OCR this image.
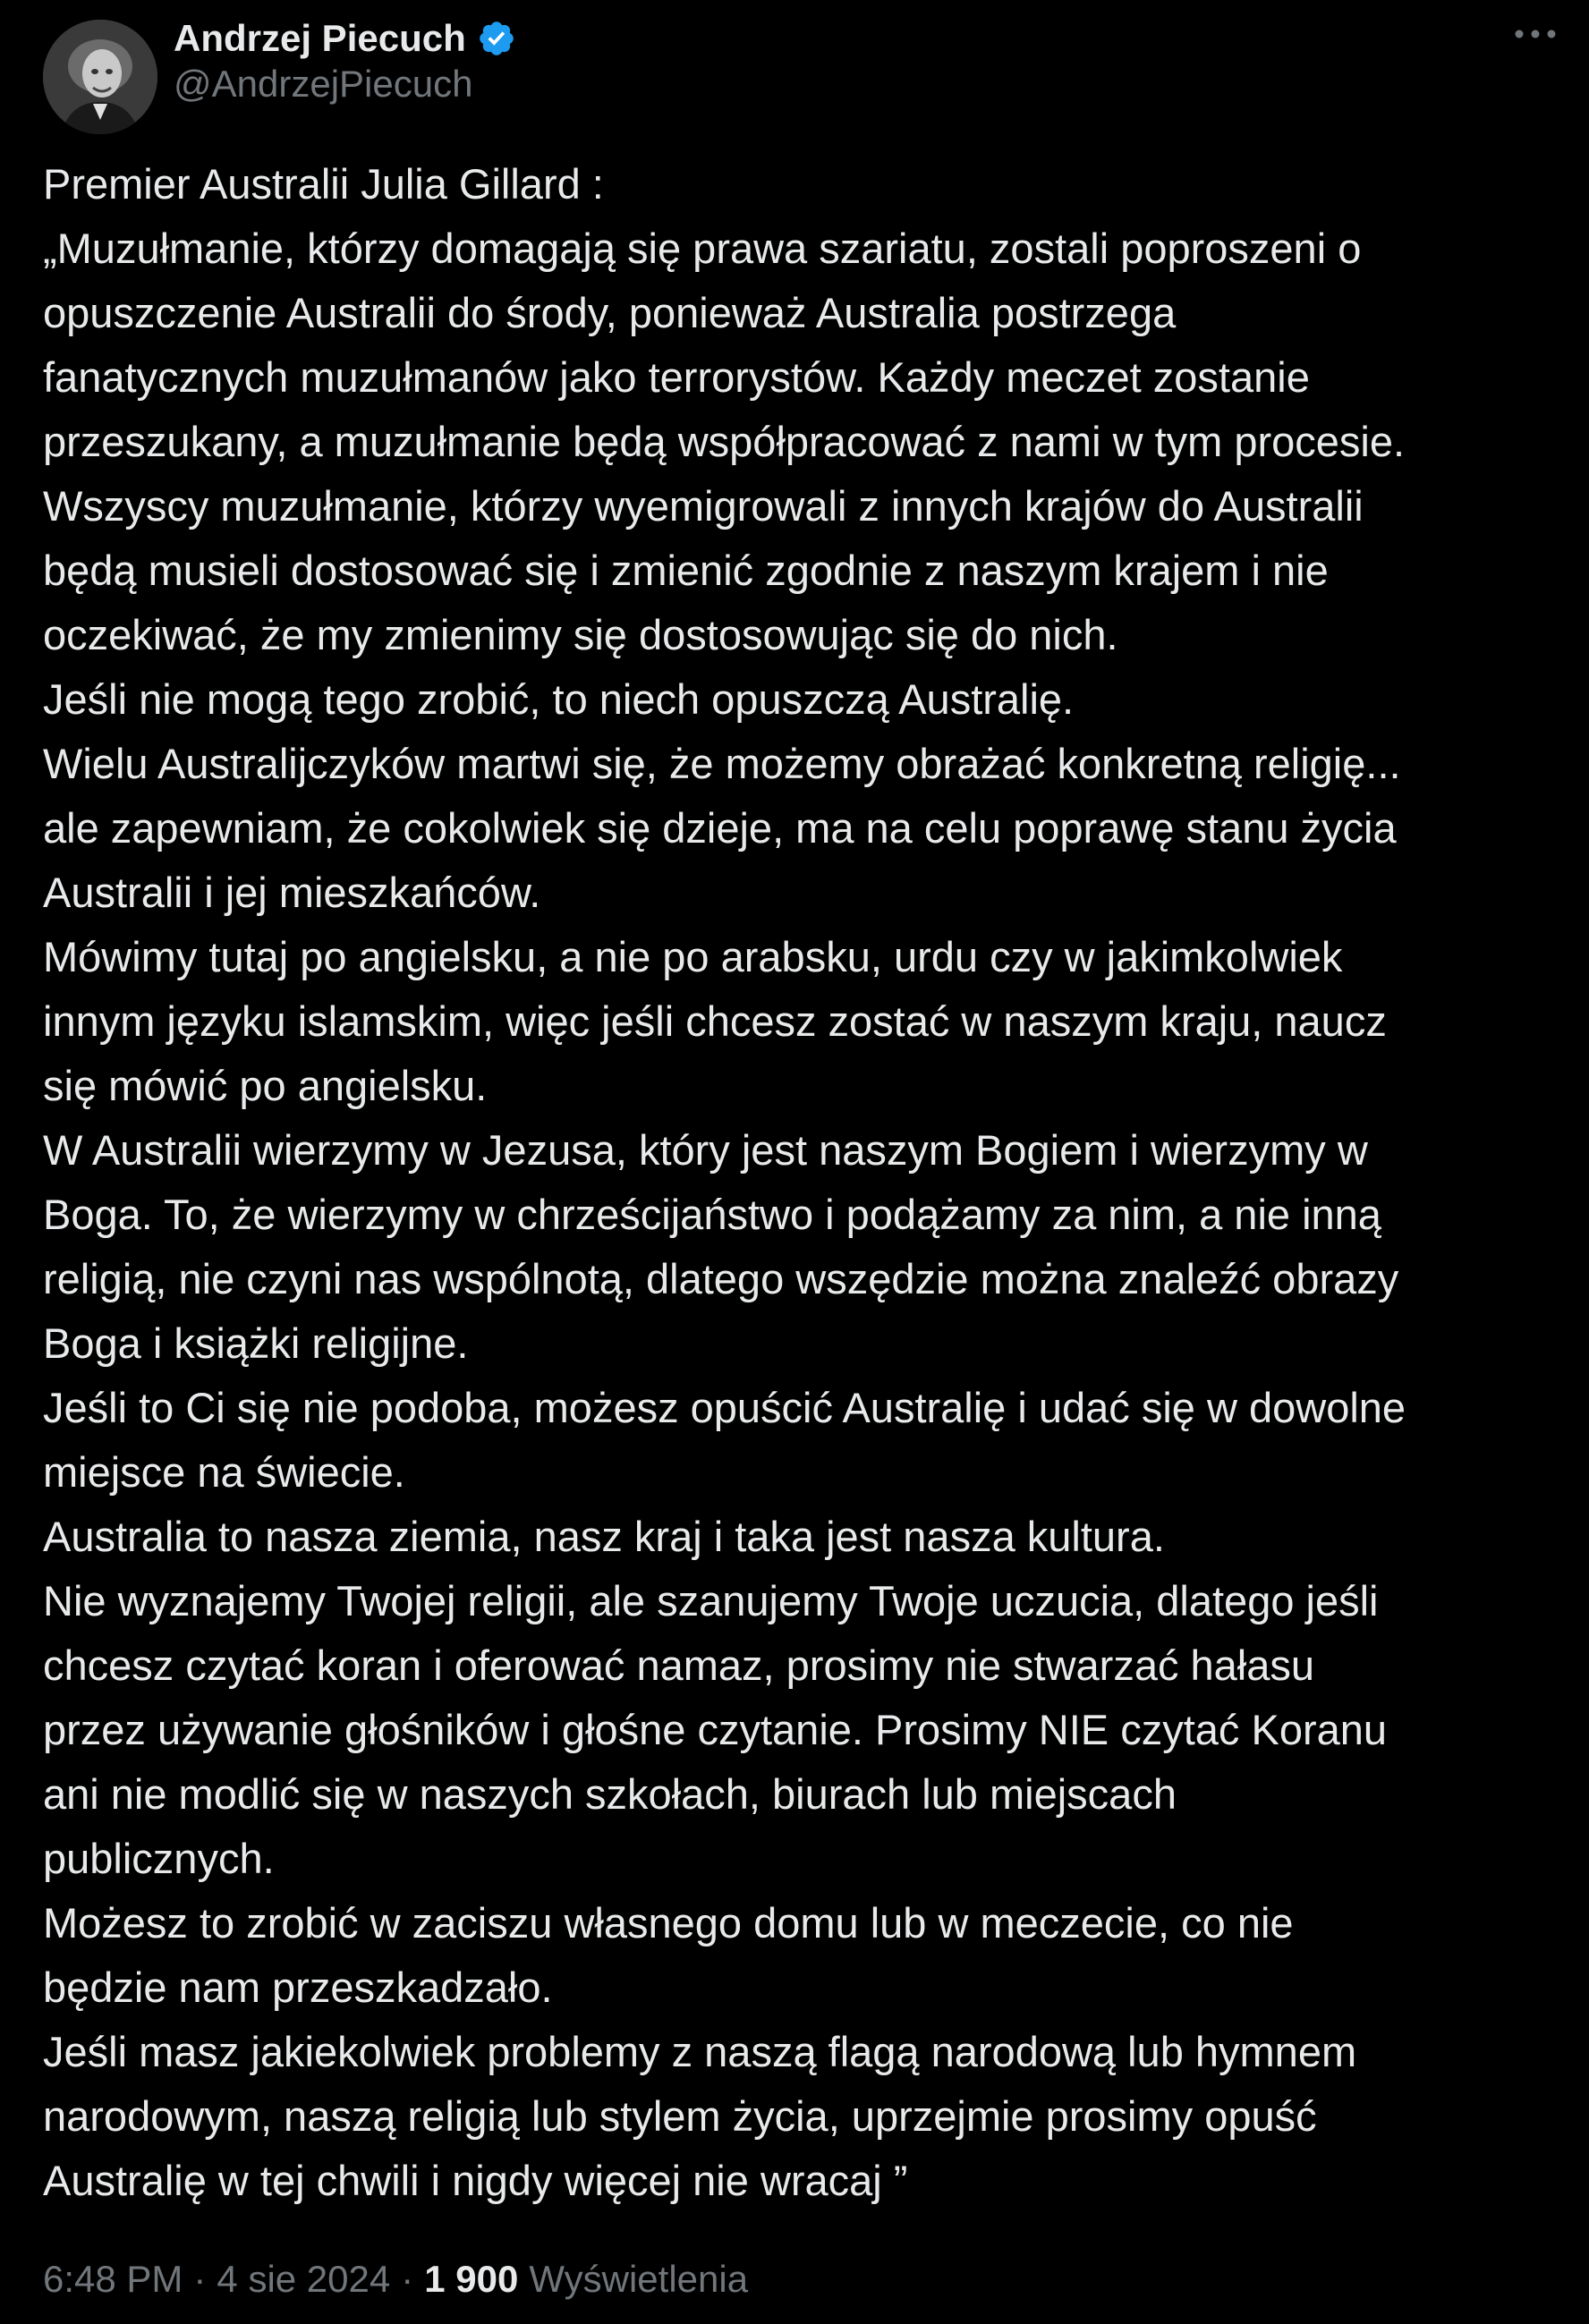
Andrzej Piecuch
@AndrzejPiecuch
Premier Australii Julia Gillard :
„Muzułmanie, którzy domagają się prawa szariatu, zostali poproszeni o
opuszczenie Australii do środy, ponieważ Australia postrzega
fanatycznych muzułmanów jako terrorystów. Każdy meczet zostanie
przeszukany, a muzułmanie będą współpracować z nami w tym procesie.
Wszyscy muzułmanie, którzy wyemigrowali z innych krajów do Australii
będą musieli dostosować się i zmienić zgodnie z naszym krajem i nie
oczekiwać, że my zmienimy się dostosowując się do nich.
Jeśli nie mogą tego zrobić, to niech opuszczą Australię.
Wielu Australijczyków martwi się, że możemy obrażać konkretną religię...
ale zapewniam, że cokolwiek się dzieje, ma na celu poprawę stanu życia
Australii i jej mieszkańców.
Mówimy tutaj po angielsku, a nie po arabsku, urdu czy w jakimkolwiek
innym języku islamskim, więc jeśli chcesz zostać w naszym kraju, naucz
się mówić po angielsku.
W Australii wierzymy w Jezusa, który jest naszym Bogiem i wierzymy w
Boga. To, że wierzymy w chrześcijaństwo i podążamy za nim, a nie inną
religią, nie czyni nas wspólnotą, dlatego wszędzie można znaleźć obrazy
Boga i książki religijne.
Jeśli to Ci się nie podoba, możesz opuścić Australię i udać się w dowolne
miejsce na świecie.
Australia to nasza ziemia, nasz kraj i taka jest nasza kultura.
Nie wyznajemy Twojej religii, ale szanujemy Twoje uczucia, dlatego jeśli
chcesz czytać koran i oferować namaz, prosimy nie stwarzać hałasu
przez używanie głośników i głośne czytanie. Prosimy NIE czytać Koranu
ani nie modlić się w naszych szkołach, biurach lub miejscach
publicznych.
Możesz to zrobić w zaciszu własnego domu lub w meczecie, co nie
będzie nam przeszkadzało.
Jeśli masz jakiekolwiek problemy z naszą flagą narodową lub hymnem
narodowym, naszą religią lub stylem życia, uprzejmie prosimy opuść
Australię w tej chwili i nigdy więcej nie wracaj ”
6:48 PM · 4 sie 2024 · 1 900 Wyświetlenia
